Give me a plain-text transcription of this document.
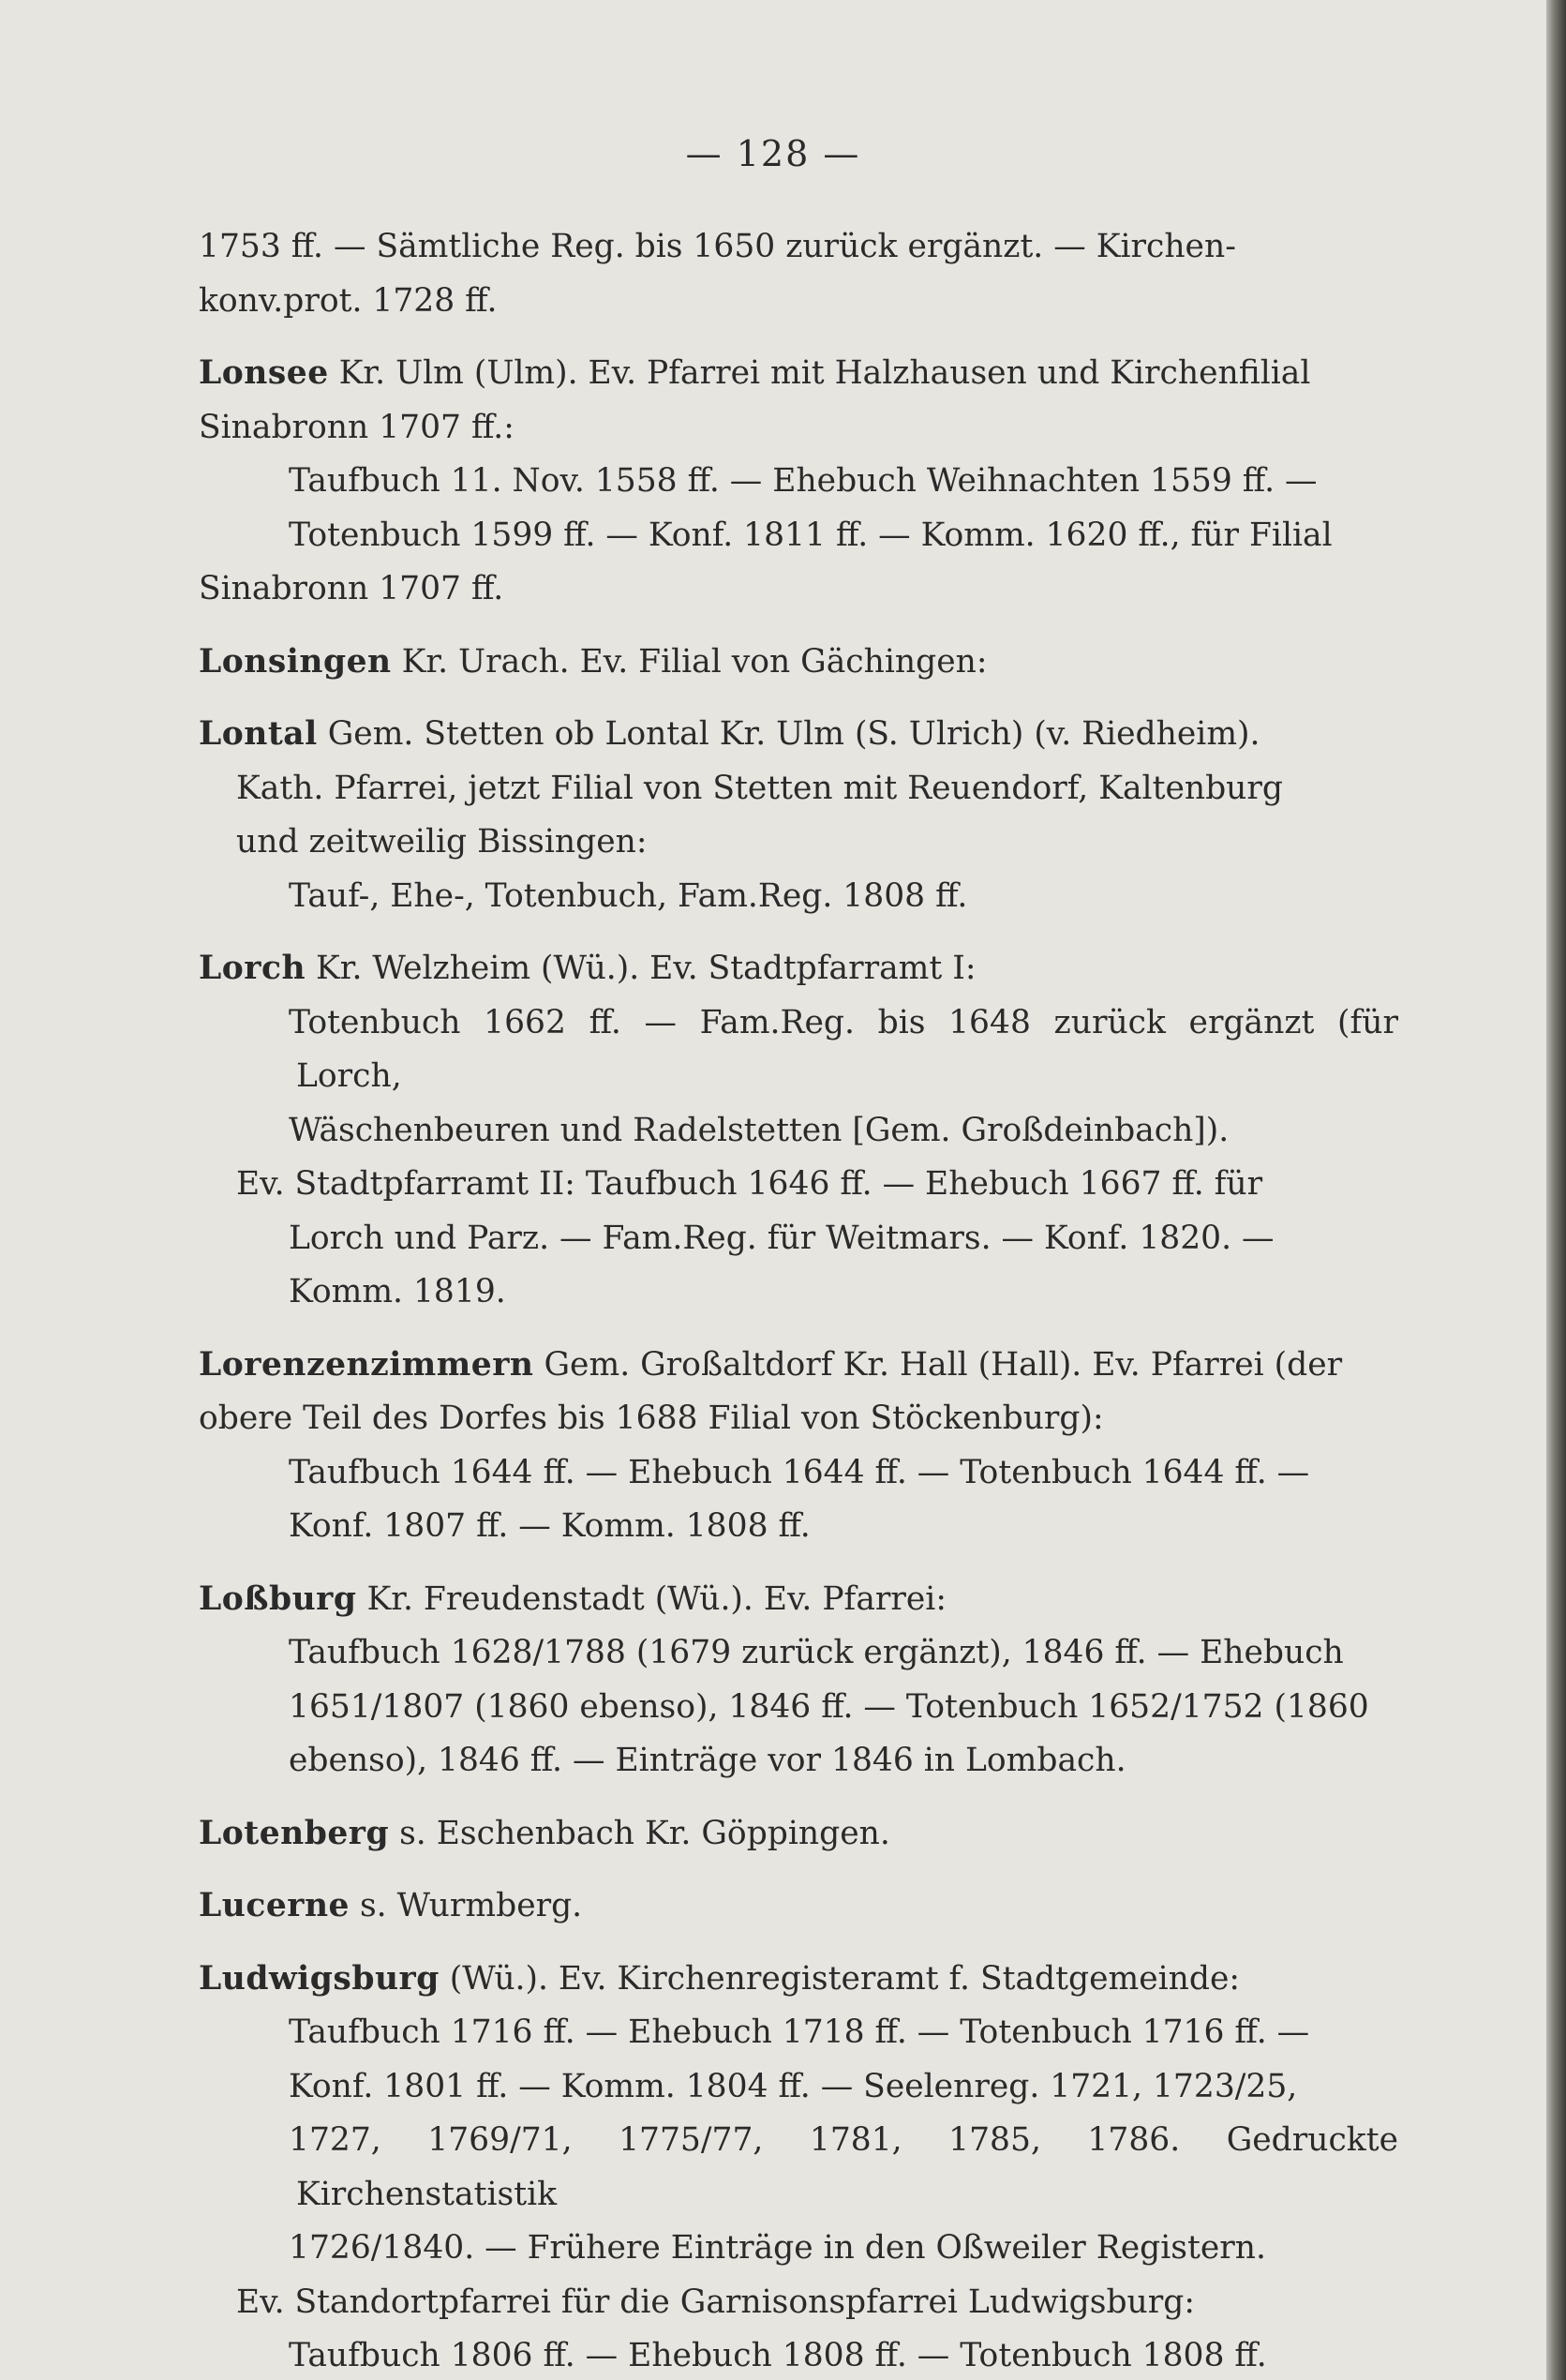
— 128 —
1753 ff. — Sämtliche Reg. bis 1650 zurück ergänzt. — Kirchen-
konv.prot. 1728 ff.
Lonsee Kr. Ulm (Ulm). Ev. Pfarrei mit Halzhausen und Kirchenfilial
Sinabronn 1707 ff.:
Taufbuch 11. Nov. 1558 ff. — Ehebuch Weihnachten 1559 ff. —
Totenbuch 1599 ff. — Konf. 1811 ff. — Komm. 1620 ff., für Filial
Sinabronn 1707 ff.
Lonsingen Kr. Urach. Ev. Filial von Gächingen:
Lontal Gem. Stetten ob Lontal Kr. Ulm (S. Ulrich) (v. Riedheim).
Kath. Pfarrei, jetzt Filial von Stetten mit Reuendorf, Kaltenburg
und zeitweilig Bissingen:
Tauf-, Ehe-, Totenbuch, Fam.Reg. 1808 ff.
Lorch Kr. Welzheim (Wü.). Ev. Stadtpfarramt I:
Totenbuch 1662 ff. — Fam.Reg. bis 1648 zurück ergänzt (für Lorch,
Wäschenbeuren und Radelstetten [Gem. Großdeinbach]).
Ev. Stadtpfarramt II: Taufbuch 1646 ff. — Ehebuch 1667 ff. für
Lorch und Parz. — Fam.Reg. für Weitmars. — Konf. 1820. —
Komm. 1819.
Lorenzenzimmern Gem. Großaltdorf Kr. Hall (Hall). Ev. Pfarrei (der
obere Teil des Dorfes bis 1688 Filial von Stöckenburg):
Taufbuch 1644 ff. — Ehebuch 1644 ff. — Totenbuch 1644 ff. —
Konf. 1807 ff. — Komm. 1808 ff.
Loßburg Kr. Freudenstadt (Wü.). Ev. Pfarrei:
Taufbuch 1628/1788 (1679 zurück ergänzt), 1846 ff. — Ehebuch
1651/1807 (1860 ebenso), 1846 ff. — Totenbuch 1652/1752 (1860
ebenso), 1846 ff. — Einträge vor 1846 in Lombach.
Lotenberg s. Eschenbach Kr. Göppingen.
Lucerne s. Wurmberg.
Ludwigsburg (Wü.). Ev. Kirchenregisteramt f. Stadtgemeinde:
Taufbuch 1716 ff. — Ehebuch 1718 ff. — Totenbuch 1716 ff. —
Konf. 1801 ff. — Komm. 1804 ff. — Seelenreg. 1721, 1723/25,
1727, 1769/71, 1775/77, 1781, 1785, 1786. Gedruckte Kirchenstatistik
1726/1840. — Frühere Einträge in den Oßweiler Registern.
Ev. Standortpfarrei für die Garnisonspfarrei Ludwigsburg:
Taufbuch 1806 ff. — Ehebuch 1808 ff. — Totenbuch 1808 ff.
